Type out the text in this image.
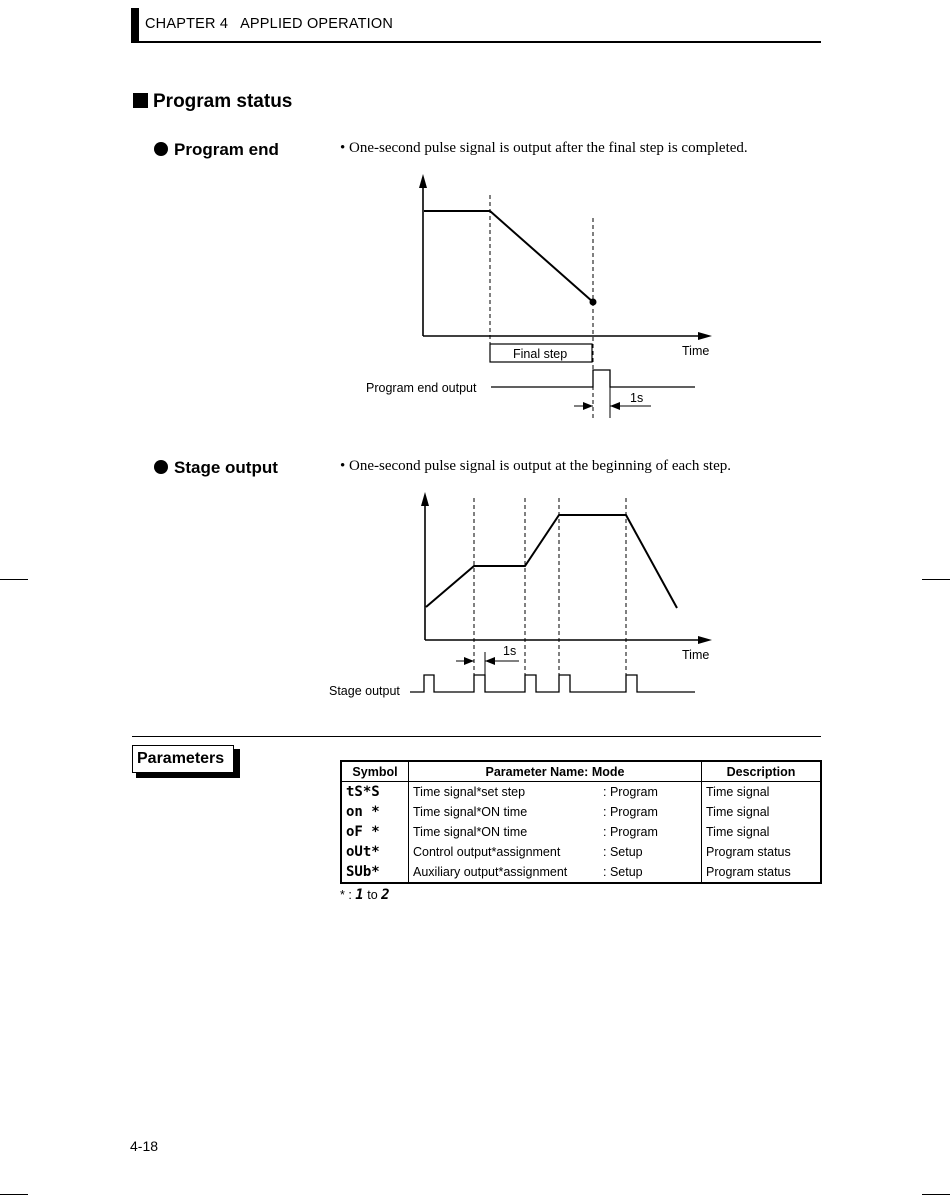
CHAPTER 4   APPLIED OPERATION
Program status
Program end	• One-second pulse signal is output after the final step is completed.
Final step	Time
Program end output
1s
Stage output	• One-second pulse signal is output at the beginning of each step.
1s	Time
Stage output
Parameters
Symbol	Parameter Name: Mode		Description
tS*S	Time signal*set step	: Program	Time signal
on *	Time signal*ON time	: Program	Time signal
oF *	Time signal*ON time	: Program	Time signal
oUt*	Control output*assignment	: Setup	Program status
SUb*	Auxiliary output*assignment	: Setup	Program status
* : 1 to 2
4-18
